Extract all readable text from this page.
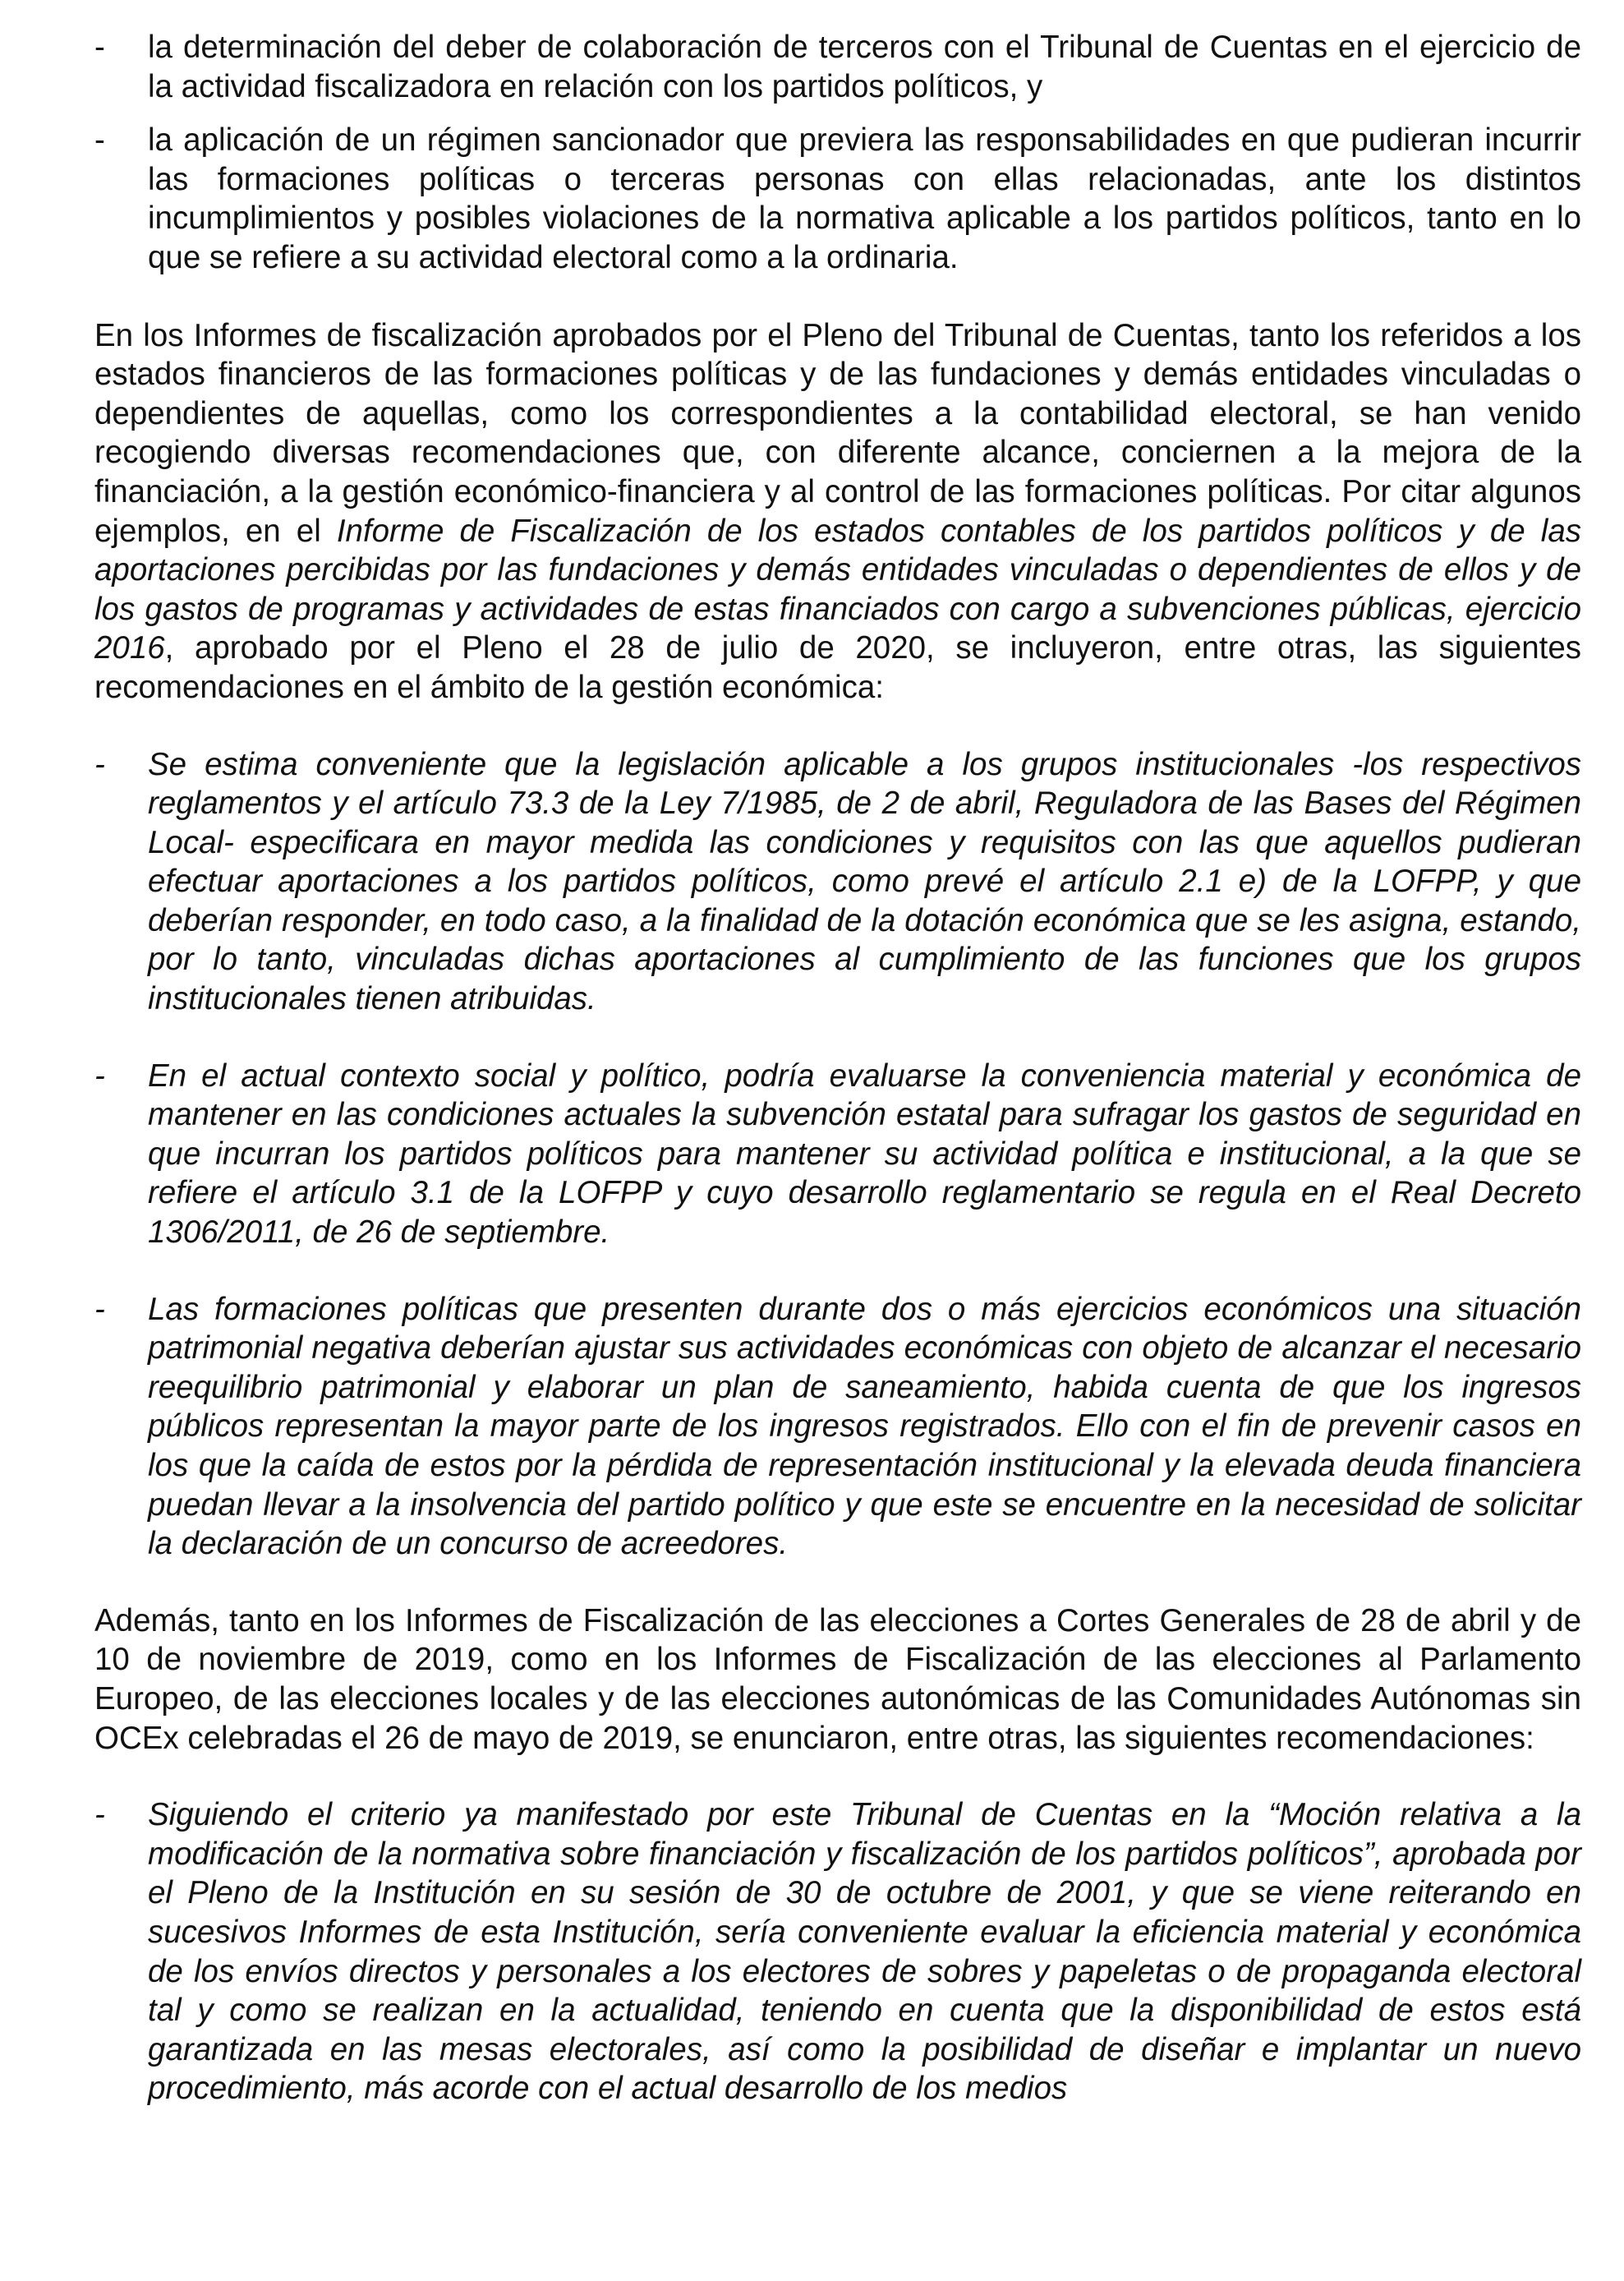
-	la determinación del deber de colaboración de terceros con el Tribunal de Cuentas en el ejercicio de la actividad fiscalizadora en relación con los partidos políticos, y
-	la aplicación de un régimen sancionador que previera las responsabilidades en que pudieran incurrir las formaciones políticas o terceras personas con ellas relacionadas, ante los distintos incumplimientos y posibles violaciones de la normativa aplicable a los partidos políticos, tanto en lo que se refiere a su actividad electoral como a la ordinaria.

En los Informes de fiscalización aprobados por el Pleno del Tribunal de Cuentas, tanto los referidos a los estados financieros de las formaciones políticas y de las fundaciones y demás entidades vinculadas o dependientes de aquellas, como los correspondientes a la contabilidad electoral, se han venido recogiendo diversas recomendaciones que, con diferente alcance, conciernen a la mejora de la financiación, a la gestión económico-financiera y al control de las formaciones políticas. Por citar algunos ejemplos, en el Informe de Fiscalización de los estados contables de los partidos políticos y de las aportaciones percibidas por las fundaciones y demás entidades vinculadas o dependientes de ellos y de los gastos de programas y actividades de estas financiados con cargo a subvenciones públicas, ejercicio 2016, aprobado por el Pleno el 28 de julio de 2020, se incluyeron, entre otras, las siguientes recomendaciones en el ámbito de la gestión económica:

-	Se estima conveniente que la legislación aplicable a los grupos institucionales -los respectivos reglamentos y el artículo 73.3 de la Ley 7/1985, de 2 de abril, Reguladora de las Bases del Régimen Local- especificara en mayor medida las condiciones y requisitos con las que aquellos pudieran efectuar aportaciones a los partidos políticos, como prevé el artículo 2.1 e) de la LOFPP, y que deberían responder, en todo caso, a la finalidad de la dotación económica que se les asigna, estando, por lo tanto, vinculadas dichas aportaciones al cumplimiento de las funciones que los grupos institucionales tienen atribuidas.
-	En el actual contexto social y político, podría evaluarse la conveniencia material y económica de mantener en las condiciones actuales la subvención estatal para sufragar los gastos de seguridad en que incurran los partidos políticos para mantener su actividad política e institucional, a la que se refiere el artículo 3.1 de la LOFPP y cuyo desarrollo reglamentario se regula en el Real Decreto 1306/2011, de 26 de septiembre.
-	Las formaciones políticas que presenten durante dos o más ejercicios económicos una situación patrimonial negativa deberían ajustar sus actividades económicas con objeto de alcanzar el necesario reequilibrio patrimonial y elaborar un plan de saneamiento, habida cuenta de que los ingresos públicos representan la mayor parte de los ingresos registrados. Ello con el fin de prevenir casos en los que la caída de estos por la pérdida de representación institucional y la elevada deuda financiera puedan llevar a la insolvencia del partido político y que este se encuentre en la necesidad de solicitar la declaración de un concurso de acreedores.

Además, tanto en los Informes de Fiscalización de las elecciones a Cortes Generales de 28 de abril y de 10 de noviembre de 2019, como en los Informes de Fiscalización de las elecciones al Parlamento Europeo, de las elecciones locales y de las elecciones autonómicas de las Comunidades Autónomas sin OCEx celebradas el 26 de mayo de 2019, se enunciaron, entre otras, las siguientes recomendaciones:

-	Siguiendo el criterio ya manifestado por este Tribunal de Cuentas en la “Moción relativa a la modificación de la normativa sobre financiación y fiscalización de los partidos políticos”, aprobada por el Pleno de la Institución en su sesión de 30 de octubre de 2001, y que se viene reiterando en sucesivos Informes de esta Institución, sería conveniente evaluar la eficiencia material y económica de los envíos directos y personales a los electores de sobres y papeletas o de propaganda electoral tal y como se realizan en la actualidad, teniendo en cuenta que la disponibilidad de estos está garantizada en las mesas electorales, así como la posibilidad de diseñar e implantar un nuevo procedimiento, más acorde con el actual desarrollo de los medios
